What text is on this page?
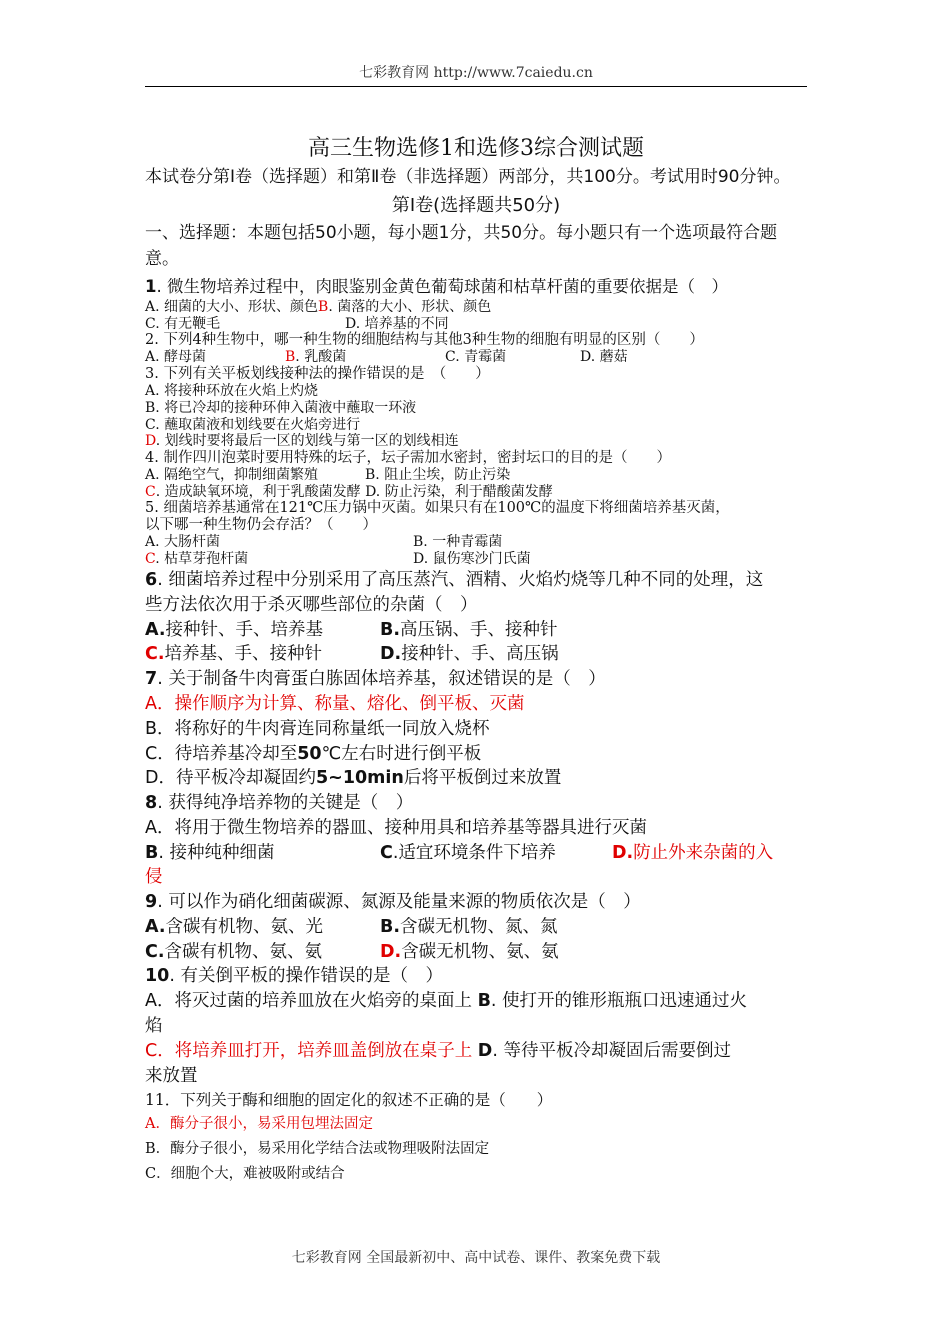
七彩教育网 http://www.7caiedu.cn
高三生物选修1和选修3综合测试题
本试卷分第Ⅰ卷（选择题）和第Ⅱ卷（非选择题）两部分，共100分。考试用时90分钟。
第Ⅰ卷(选择题共50分)
一、选择题：本题包括50小题，每小题1分，共50分。每小题只有一个选项最符合题意。
1. 微生物培养过程中，肉眼鉴别金黄色葡萄球菌和枯草杆菌的重要依据是（　）
A. 细菌的大小、形状、颜色 B . 菌落的大小、形状、颜色
C. 有无鞭毛	D. 培养基的不同
2. 下列4种生物中，哪一种生物的细胞结构与其他3种生物的细胞有明显的区别（　　）
A. 酵母菌	B. 乳酸菌	C. 青霉菌	D. 蘑菇
3. 下列有关平板划线接种法的操作错误的是　（　　）
A. 将接种环放在火焰上灼烧
B. 将已冷却的接种环伸入菌液中蘸取一环液
C. 蘸取菌液和划线要在火焰旁进行
D. 划线时要将最后一区的划线与第一区的划线相连
4. 制作四川泡菜时要用特殊的坛子，坛子需加水密封，密封坛口的目的是（　　）
A. 隔绝空气，抑制细菌繁殖	B. 阻止尘埃，防止污染
C . 造成缺氧环境，利于乳酸菌发酵
D. 防止污染，利于醋酸菌发酵
5. 细菌培养基通常在121℃压力锅中灭菌。如果只有在100℃的温度下将细菌培养基灭菌，
以下哪一种生物仍会存活？（　　）
A. 大肠杆菌	B. 一种青霉菌
C. 枯草芽孢杆菌	D. 鼠伤寒沙门氏菌
6. 细菌培养过程中分别采用了高压蒸汽、酒精、火焰灼烧等几种不同的处理，这
些方法依次用于杀灭哪些部位的杂菌（　）
A.接种针、手、培养基	B.高压锅、手、接种针
C.培养基、手、接种针	D.接种针、手、高压锅
7. 关于制备牛肉膏蛋白胨固体培养基，叙述错误的是（　）
A．操作顺序为计算、称量、熔化、倒平板、灭菌
B．将称好的牛肉膏连同称量纸一同放入烧杯
C．待培养基冷却至50℃左右时进行倒平板
D．待平板冷却凝固约5~10min后将平板倒过来放置
8. 获得纯净培养物的关键是（　）
A．将用于微生物培养的器皿、接种用具和培养基等器具进行灭菌
B. 接种纯种细菌	C.适宜环境条件下培养	D.防止外来杂菌的入
侵
9. 可以作为硝化细菌碳源、氮源及能量来源的物质依次是（　）
A.含碳有机物、氨、光	B.含碳无机物、氮、氮
C.含碳有机物、氨、氨	D.含碳无机物、氨、氨
10. 有关倒平板的操作错误的是（　）
A．将灭过菌的培养皿放在火焰旁的桌面上 B. 使打开的锥形瓶瓶口迅速通过火
焰
C．将培养皿打开，培养皿盖倒放在桌子上 D. 等待平板冷却凝固后需要倒过
来放置
11．下列关于酶和细胞的固定化的叙述不正确的是（　　）
A．酶分子很小，易采用包埋法固定
B．酶分子很小，易采用化学结合法或物理吸附法固定
C．细胞个大，难被吸附或结合
七彩教育网 全国最新初中、高中试卷、课件、教案免费下载
